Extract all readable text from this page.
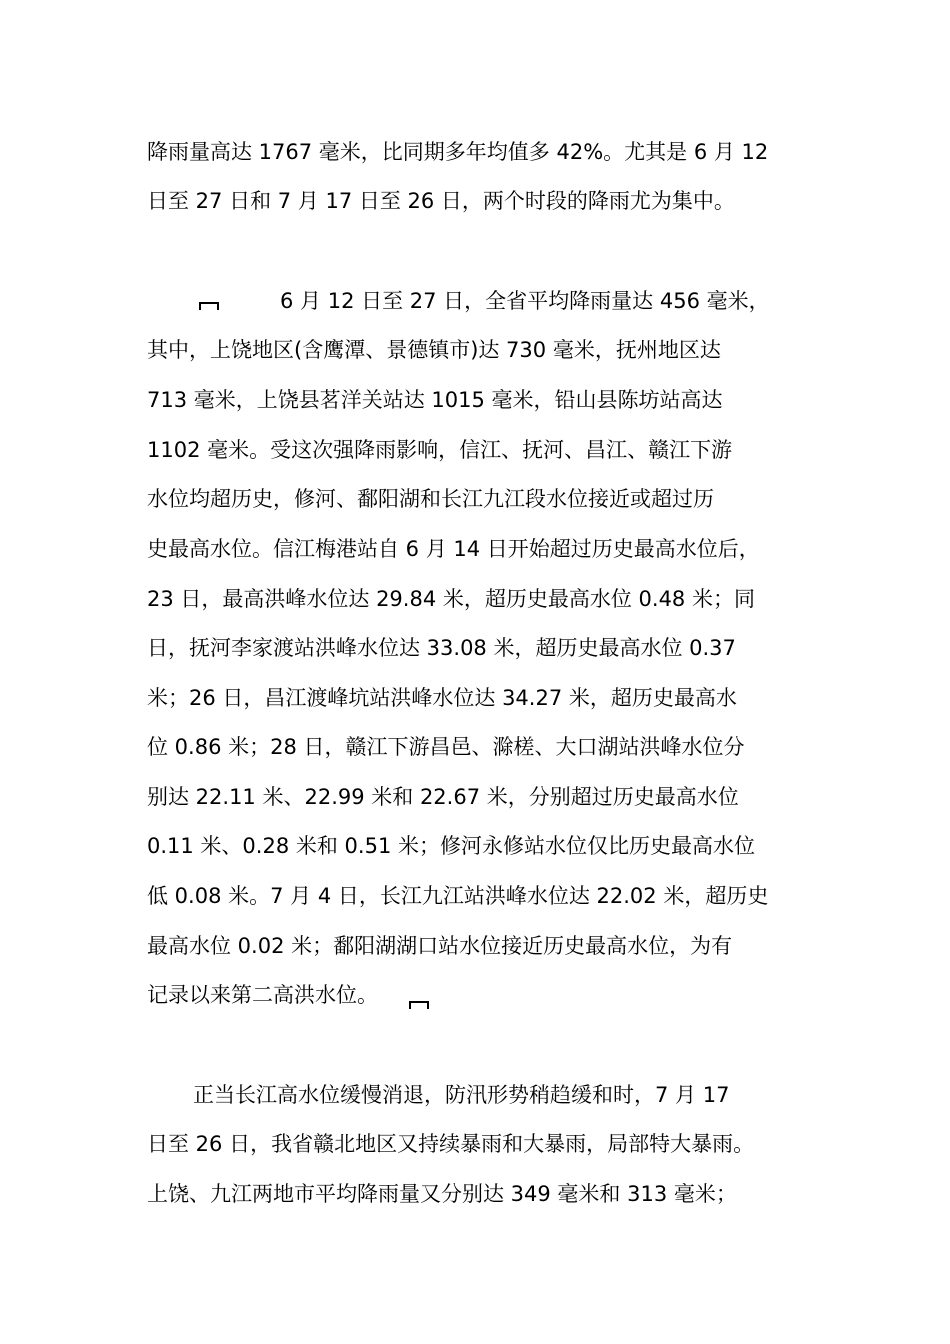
降雨量高达 1767 毫米，比同期多年均值多 42%。尤其是 6 月 12
日至 27 日和 7 月 17 日至 26 日，两个时段的降雨尤为集中。
6 月 12 日至 27 日，全省平均降雨量达 456 毫米，
其中，上饶地区(含鹰潭、景德镇市)达 730 毫米，抚州地区达
713 毫米，上饶县茗洋关站达 1015 毫米，铅山县陈坊站高达
1102 毫米。受这次强降雨影响，信江、抚河、昌江、赣江下游
水位均超历史，修河、鄱阳湖和长江九江段水位接近或超过历
史最高水位。信江梅港站自 6 月 14 日开始超过历史最高水位后，
23 日，最高洪峰水位达 29.84 米，超历史最高水位 0.48 米；同
日，抚河李家渡站洪峰水位达 33.08 米，超历史最高水位 0.37
米；26 日，昌江渡峰坑站洪峰水位达 34.27 米，超历史最高水
位 0.86 米；28 日，赣江下游昌邑、滁槎、大口湖站洪峰水位分
别达 22.11 米、22.99 米和 22.67 米，分别超过历史最高水位
0.11 米、0.28 米和 0.51 米；修河永修站水位仅比历史最高水位
低 0.08 米。7 月 4 日，长江九江站洪峰水位达 22.02 米，超历史
最高水位 0.02 米；鄱阳湖湖口站水位接近历史最高水位，为有
记录以来第二高洪水位。
正当长江高水位缓慢消退，防汛形势稍趋缓和时，7 月 17
日至 26 日，我省赣北地区又持续暴雨和大暴雨，局部特大暴雨。
上饶、九江两地市平均降雨量又分别达 349 毫米和 313 毫米；
